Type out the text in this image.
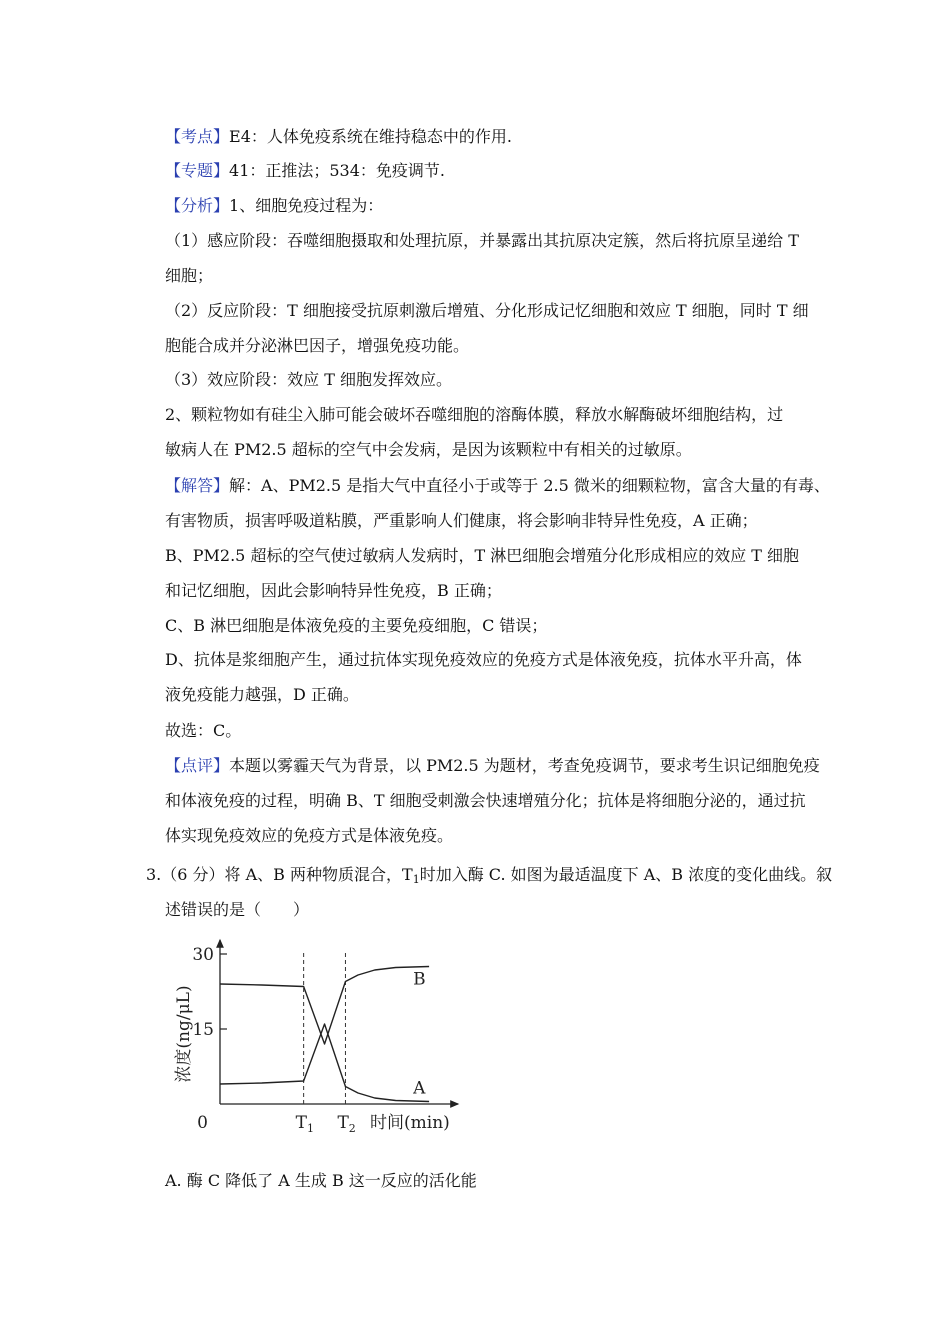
【考点】E4：人体免疫系统在维持稳态中的作用.
【专题】41：正推法；534：免疫调节.
【分析】1、细胞免疫过程为：
（1）感应阶段：吞噬细胞摄取和处理抗原，并暴露出其抗原决定簇，然后将抗原呈递给 T
细胞；
（2）反应阶段：T 细胞接受抗原刺激后增殖、分化形成记忆细胞和效应 T 细胞，同时 T 细
胞能合成并分泌淋巴因子，增强免疫功能。
（3）效应阶段：效应 T 细胞发挥效应。
2、颗粒物如有硅尘入肺可能会破坏吞噬细胞的溶酶体膜，释放水解酶破坏细胞结构，过
敏病人在 PM2.5 超标的空气中会发病，是因为该颗粒中有相关的过敏原。
【解答】解：A、PM2.5 是指大气中直径小于或等于 2.5 微米的细颗粒物，富含大量的有毒、
有害物质，损害呼吸道粘膜，严重影响人们健康，将会影响非特异性免疫，A 正确；
B、PM2.5 超标的空气使过敏病人发病时，T 淋巴细胞会增殖分化形成相应的效应 T 细胞
和记忆细胞，因此会影响特异性免疫，B 正确；
C、B 淋巴细胞是体液免疫的主要免疫细胞，C 错误；
D、抗体是浆细胞产生，通过抗体实现免疫效应的免疫方式是体液免疫，抗体水平升高，体
液免疫能力越强，D 正确。
故选：C。
【点评】本题以雾霾天气为背景，以 PM2.5 为题材，考查免疫调节，要求考生识记细胞免疫
和体液免疫的过程，明确 B、T 细胞受刺激会快速增殖分化；抗体是将细胞分泌的，通过抗
体实现免疫效应的免疫方式是体液免疫。
3.（6 分）将 A、B 两种物质混合，$T_1$时加入酶 C. 如图为最适温度下 A、B 浓度的变化曲线。叙
述错误的是（　　）
15
30
0	$T_1$ $T_2$ 时间(min)
浓度(ng/μL)
B
A
A. 酶 C 降低了 A 生成 B 这一反应的活化能
